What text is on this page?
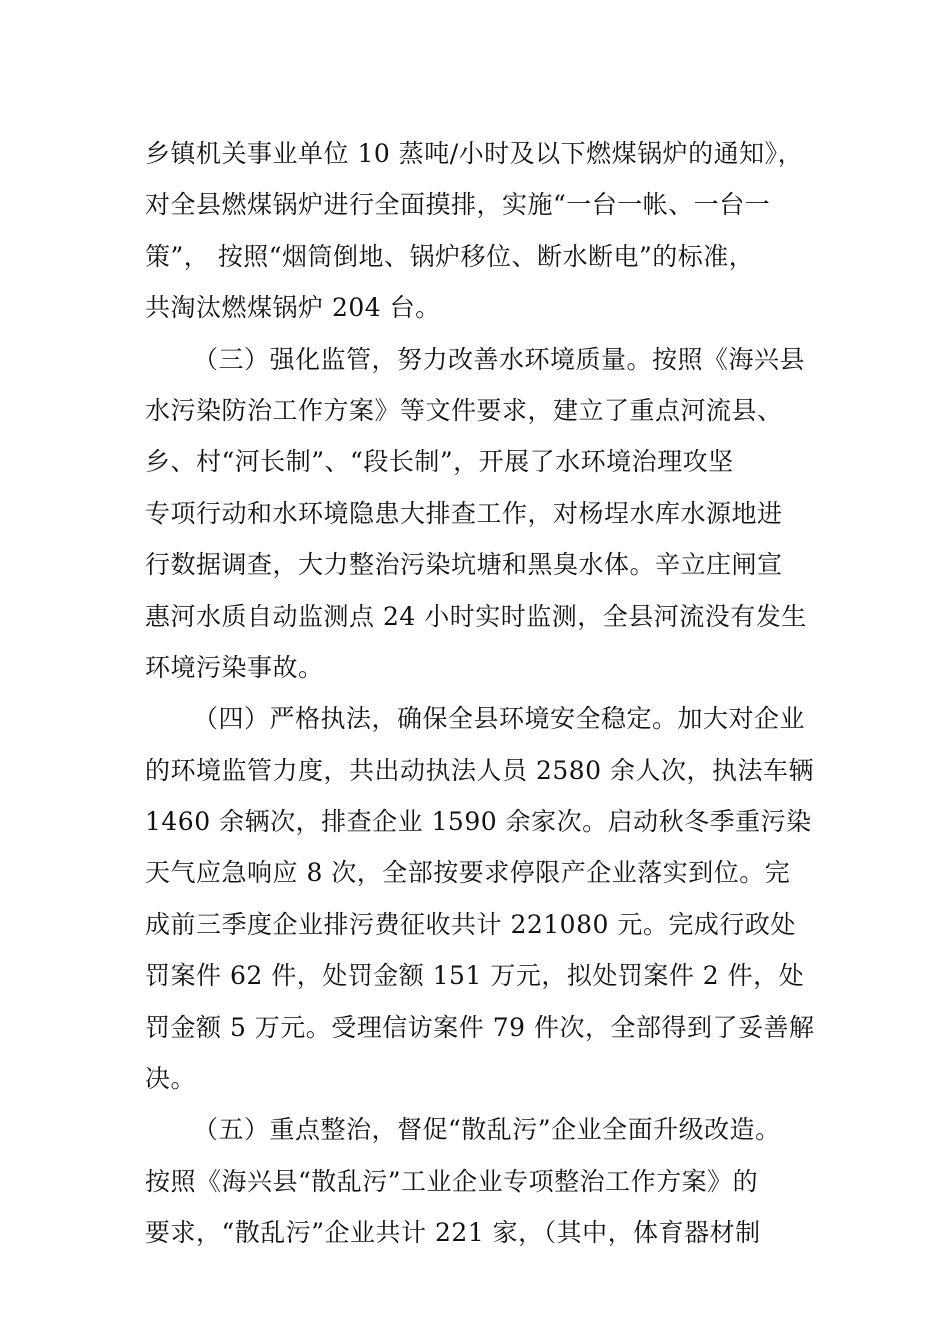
乡镇机关事业单位 10 蒸吨/小时及以下燃煤锅炉的通知》，
对全县燃煤锅炉进行全面摸排，实施“一台一帐、一台一
策”， 按照“烟筒倒地、锅炉移位、断水断电”的标准，
共淘汰燃煤锅炉 204 台。
（三）强化监管，努力改善水环境质量。按照《海兴县
水污染防治工作方案》等文件要求，建立了重点河流县、
乡、村“河长制”、“段长制”，开展了水环境治理攻坚
专项行动和水环境隐患大排查工作，对杨埕水库水源地进
行数据调查，大力整治污染坑塘和黑臭水体。辛立庄闸宣
惠河水质自动监测点 24 小时实时监测，全县河流没有发生
环境污染事故。
（四）严格执法，确保全县环境安全稳定。加大对企业
的环境监管力度，共出动执法人员 2580 余人次，执法车辆
1460 余辆次，排查企业 1590 余家次。启动秋冬季重污染
天气应急响应 8 次，全部按要求停限产企业落实到位。完
成前三季度企业排污费征收共计 221080 元。完成行政处
罚案件 62 件，处罚金额 151 万元，拟处罚案件 2 件，处
罚金额 5 万元。受理信访案件 79 件次，全部得到了妥善解
决。
（五）重点整治，督促“散乱污”企业全面升级改造。
按照《海兴县“散乱污”工业企业专项整治工作方案》的
要求，“散乱污”企业共计 221 家，（其中，体育器材制
